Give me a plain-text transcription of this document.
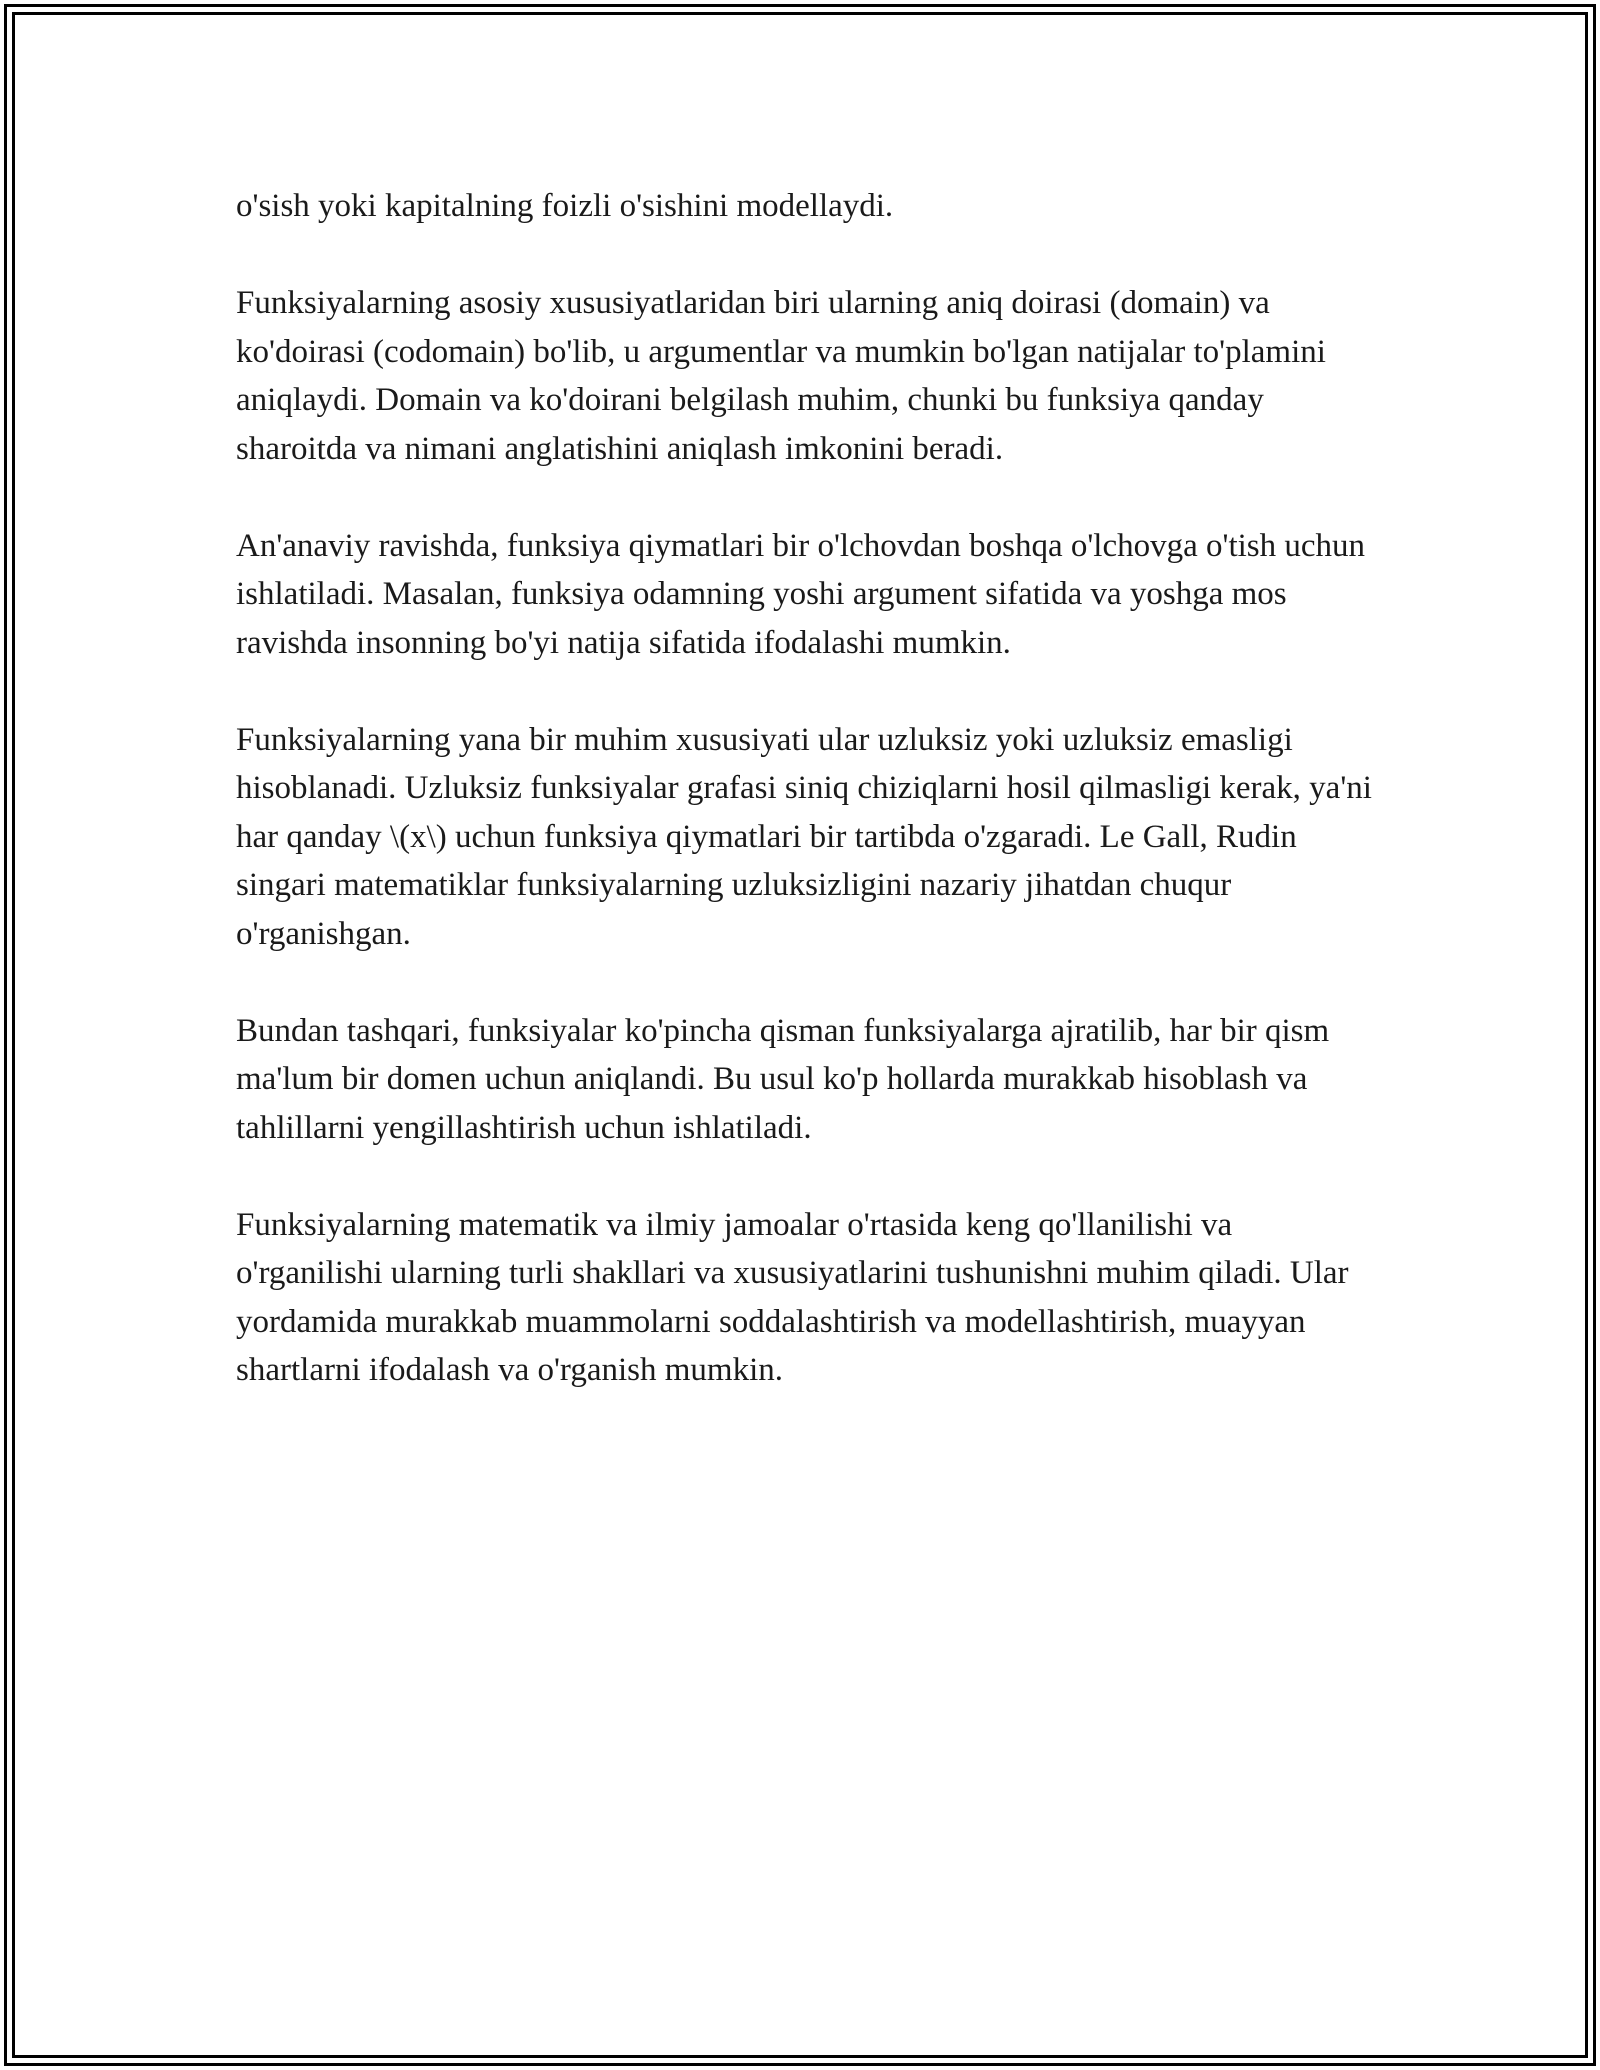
o'sish yoki kapitalning foizli o'sishini modellaydi.

Funksiyalarning asosiy xususiyatlaridan biri ularning aniq doirasi (domain) va ko'doirasi (codomain) bo'lib, u argumentlar va mumkin bo'lgan natijalar to'plamini aniqlaydi. Domain va ko'doirani belgilash muhim, chunki bu funksiya qanday sharoitda va nimani anglatishini aniqlash imkonini beradi.

An'anaviy ravishda, funksiya qiymatlari bir o'lchovdan boshqa o'lchovga o'tish uchun ishlatiladi. Masalan, funksiya odamning yoshi argument sifatida va yoshga mos ravishda insonning bo'yi natija sifatida ifodalashi mumkin.

Funksiyalarning yana bir muhim xususiyati ular uzluksiz yoki uzluksiz emasligi hisoblanadi. Uzluksiz funksiyalar grafasi siniq chiziqlarni hosil qilmasligi kerak, ya'ni har qanday \(x\) uchun funksiya qiymatlari bir tartibda o'zgaradi. Le Gall, Rudin singari matematiklar funksiyalarning uzluksizligini nazariy jihatdan chuqur o'rganishgan.

Bundan tashqari, funksiyalar ko'pincha qisman funksiyalarga ajratilib, har bir qism ma'lum bir domen uchun aniqlandi. Bu usul ko'p hollarda murakkab hisoblash va tahlillarni yengillashtirish uchun ishlatiladi.

Funksiyalarning matematik va ilmiy jamoalar o'rtasida keng qo'llanilishi va o'rganilishi ularning turli shakllari va xususiyatlarini tushunishni muhim qiladi. Ular yordamida murakkab muammolarni soddalashtirish va modellashtirish, muayyan shartlarni ifodalash va o'rganish mumkin.
